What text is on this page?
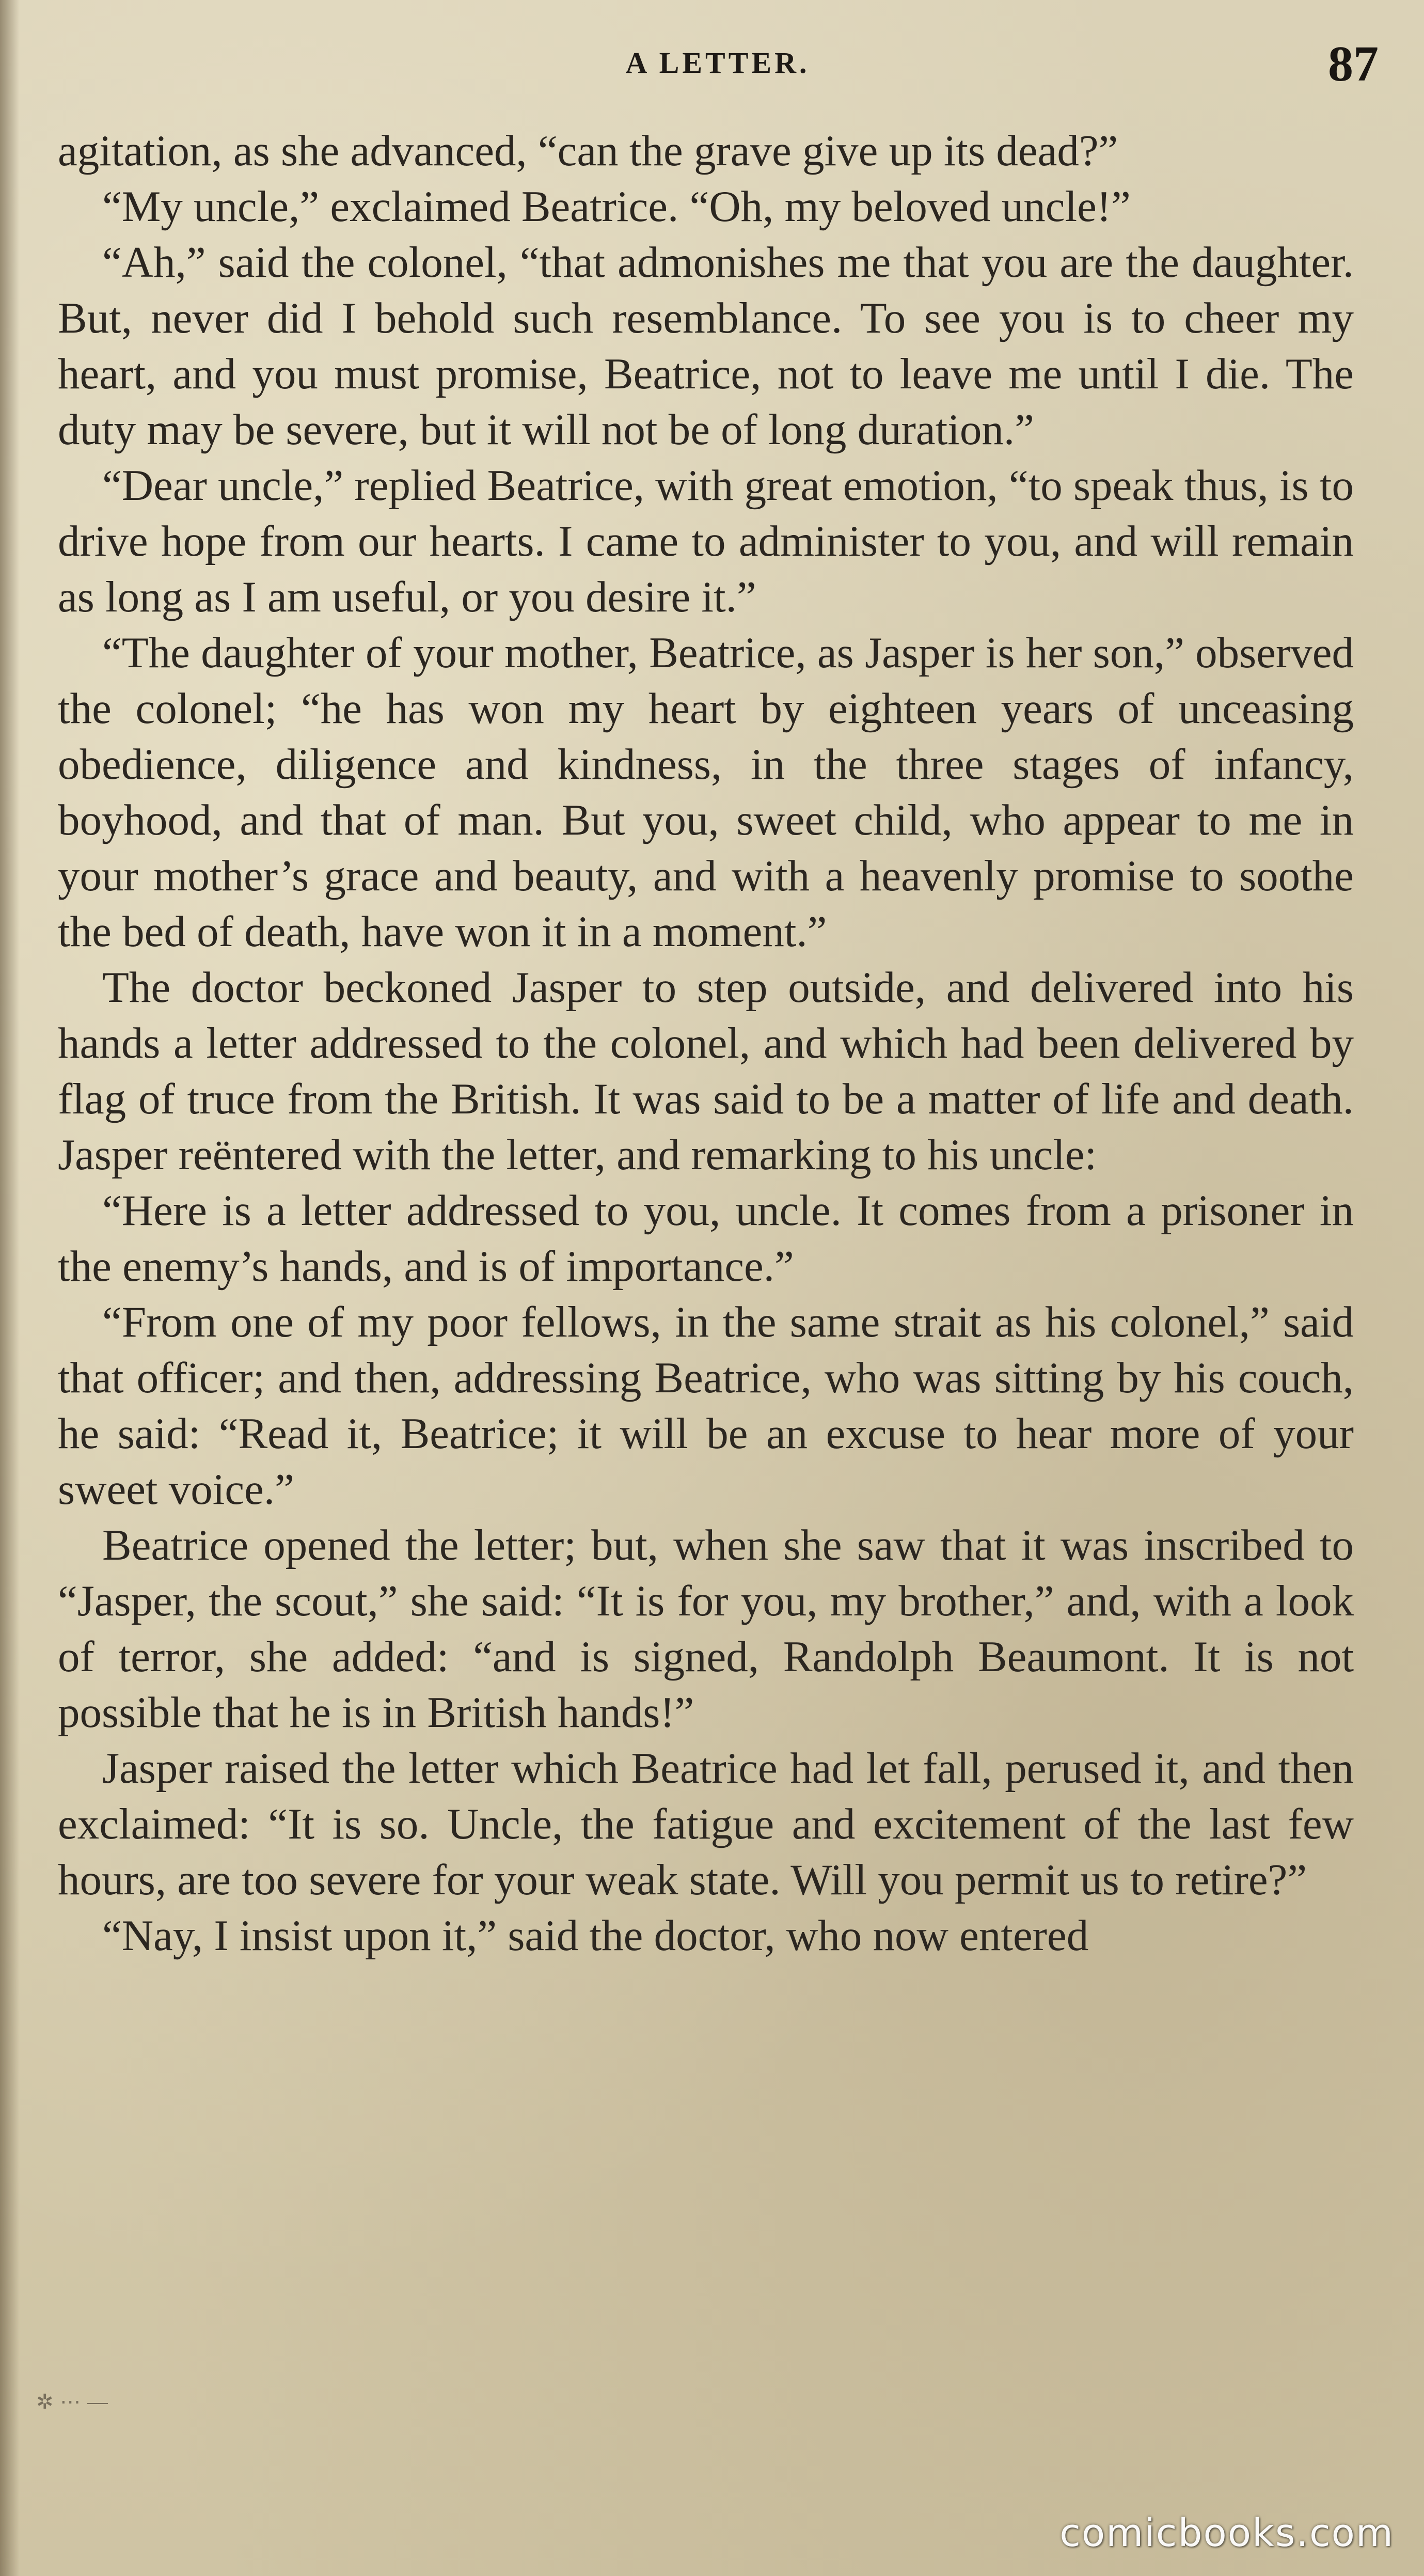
A LETTER.	87

agitation, as she advanced, “can the grave give up its dead?”

“My uncle,” exclaimed Beatrice. “Oh, my beloved uncle!”

“Ah,” said the colonel, “that admonishes me that you are the daughter. But, never did I behold such resemblance. To see you is to cheer my heart, and you must promise, Beatrice, not to leave me until I die. The duty may be severe, but it will not be of long duration.”

“Dear uncle,” replied Beatrice, with great emotion, “to speak thus, is to drive hope from our hearts. I came to administer to you, and will remain as long as I am useful, or you desire it.”

“The daughter of your mother, Beatrice, as Jasper is her son,” observed the colonel; “he has won my heart by eighteen years of unceasing obedience, diligence and kindness, in the three stages of infancy, boyhood, and that of man. But you, sweet child, who appear to me in your mother’s grace and beauty, and with a heavenly promise to soothe the bed of death, have won it in a moment.”

The doctor beckoned Jasper to step outside, and delivered into his hands a letter addressed to the colonel, and which had been delivered by flag of truce from the British. It was said to be a matter of life and death. Jasper reëntered with the letter, and remarking to his uncle:

“Here is a letter addressed to you, uncle. It comes from a prisoner in the enemy’s hands, and is of importance.”

“From one of my poor fellows, in the same strait as his colonel,” said that officer; and then, addressing Beatrice, who was sitting by his couch, he said: “Read it, Beatrice; it will be an excuse to hear more of your sweet voice.”

Beatrice opened the letter; but, when she saw that it was inscribed to “Jasper, the scout,” she said: “It is for you, my brother,” and, with a look of terror, she added: “and is signed, Randolph Beaumont. It is not possible that he is in British hands!”

Jasper raised the letter which Beatrice had let fall, perused it, and then exclaimed: “It is so. Uncle, the fatigue and excitement of the last few hours, are too severe for your weak state. Will you permit us to retire?”

“Nay, I insist upon it,” said the doctor, who now entered

✲ ⋯ ⎯⎯
comicbooks.com
